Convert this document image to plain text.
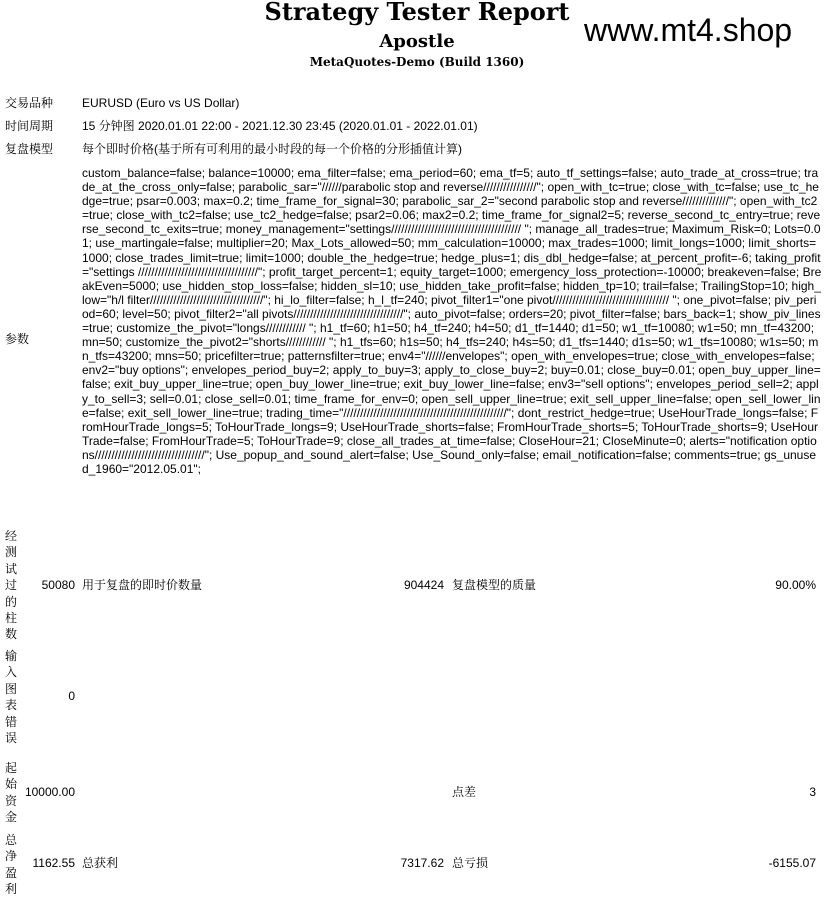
Strategy Tester Report
Apostle
MetaQuotes-Demo (Build 1360)
www.mt4.shop
交易品种 EURUSD (Euro vs US Dollar)
时间周期 15 分钟图 2020.01.01 22:00 - 2021.12.30 23:45 (2020.01.01 - 2022.01.01)
复盘模型 每个即时价格(基于所有可利用的最小时段的每一个价格的分形插值计算)
参数
custom_balance=false; balance=10000; ema_filter=false; ema_period=60; ema_tf=5; auto_tf_settings=false; auto_trade_at_cross=true; trade_at_the_cross_only=false; parabolic_sar="//////parabolic stop and reverse////////////////"; open_with_tc=true; close_with_tc=false; use_tc_hedge=true; psar=0.003; max=0.2; time_frame_for_signal=30; parabolic_sar_2="second parabolic stop and reverse//////////////"; open_with_tc2=true; close_with_tc2=false; use_tc2_hedge=false; psar2=0.06; max2=0.2; time_frame_for_signal2=5; reverse_second_tc_entry=true; reverse_second_tc_exits=true; money_management="settings/////////////////////////////////////// "; manage_all_trades=true; Maximum_Risk=0; Lots=0.01; use_martingale=false; multiplier=20; Max_Lots_allowed=50; mm_calculation=10000; max_trades=1000; limit_longs=1000; limit_shorts=1000; close_trades_limit=true; limit=1000; double_the_hedge=true; hedge_plus=1; dis_dbl_hedge=false; at_percent_profit=-6; taking_profit="settings ////////////////////////////////////"; profit_target_percent=1; equity_target=1000; emergency_loss_protection=-10000; breakeven=false; BreakEven=5000; use_hidden_stop_loss=false; hidden_sl=10; use_hidden_take_profit=false; hidden_tp=10; trail=false; TrailingStop=10; high_low="h/l filter//////////////////////////////////"; hi_lo_filter=false; h_l_tf=240; pivot_filter1="one pivot/////////////////////////////////// "; one_pivot=false; piv_period=60; level=50; pivot_filter2="all pivots/////////////////////////////////"; auto_pivot=false; orders=20; pivot_filter=false; bars_back=1; show_piv_lines=true; customize_the_pivot="longs//////////// "; h1_tf=60; h1=50; h4_tf=240; h4=50; d1_tf=1440; d1=50; w1_tf=10080; w1=50; mn_tf=43200; mn=50; customize_the_pivot2="shorts//////////// "; h1_tfs=60; h1s=50; h4_tfs=240; h4s=50; d1_tfs=1440; d1s=50; w1_tfs=10080; w1s=50; mn_tfs=43200; mns=50; pricefilter=true; patternsfilter=true; env4="//////envelopes"; open_with_envelopes=true; close_with_envelopes=false; env2="buy options"; envelopes_period_buy=2; apply_to_buy=3; apply_to_close_buy=2; buy=0.01; close_buy=0.01; open_buy_upper_line=false; exit_buy_upper_line=true; open_buy_lower_line=true; exit_buy_lower_line=false; env3="sell options"; envelopes_period_sell=2; apply_to_sell=3; sell=0.01; close_sell=0.01; time_frame_for_env=0; open_sell_upper_line=true; exit_sell_upper_line=false; open_sell_lower_line=false; exit_sell_lower_line=true; trading_time="/////////////////////////////////////////////////"; dont_restrict_hedge=true; UseHourTrade_longs=false; FromHourTrade_longs=5; ToHourTrade_longs=9; UseHourTrade_shorts=false; FromHourTrade_shorts=5; ToHourTrade_shorts=9; UseHourTrade=false; FromHourTrade=5; ToHourTrade=9; close_all_trades_at_time=false; CloseHour=21; CloseMinute=0; alerts="notification options/////////////////////////////////"; Use_popup_and_sound_alert=false; Use_Sound_only=false; email_notification=false; comments=true; gs_unused_1960="2012.05.01";
经测试过的柱数
50080 用于复盘的即时价数量	904424 复盘模型的质量	90.00%
输入图表错误
0
起始资金
10000.00	点差	3
总净盈利
1162.55 总获利	7317.62 总亏损	-6155.07
